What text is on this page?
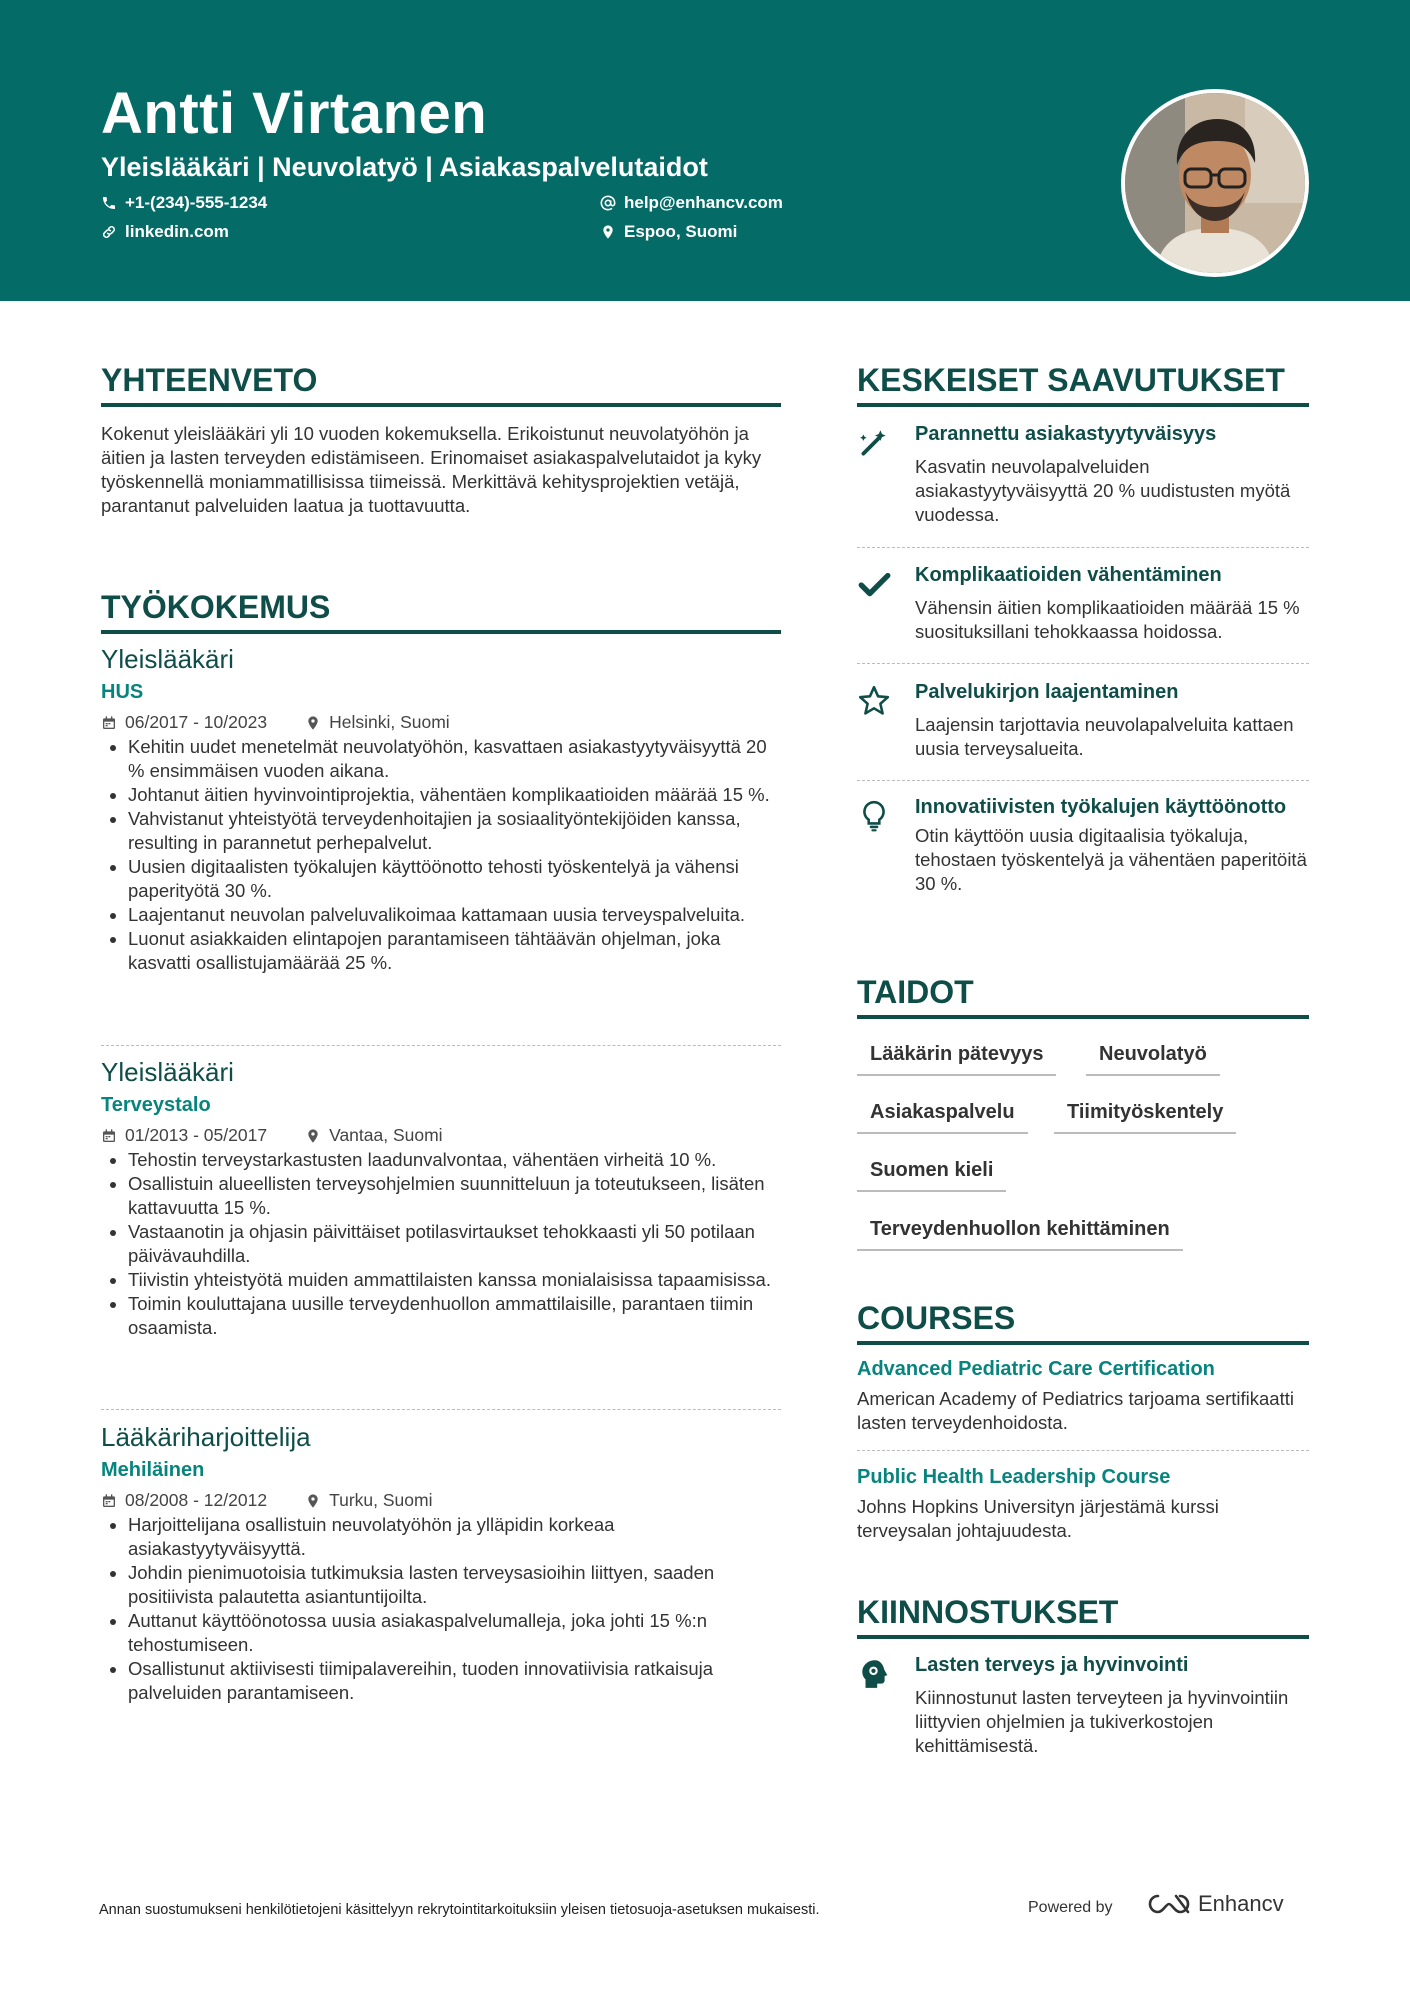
Antti Virtanen
Yleislääkäri | Neuvolatyö | Asiakaspalvelutaidot
+1-(234)-555-1234	help@enhancv.com
linkedin.com	Espoo, Suomi
YHTEENVETO
Kokenut yleislääkäri yli 10 vuoden kokemuksella. Erikoistunut neuvolatyöhön ja äitien ja lasten terveyden edistämiseen. Erinomaiset asiakaspalvelutaidot ja kyky työskennellä moniammatillisissa tiimeissä. Merkittävä kehitysprojektien vetäjä, parantanut palveluiden laatua ja tuottavuutta.
TYÖKOKEMUS
Yleislääkäri
HUS
06/2017 - 10/2023	Helsinki, Suomi
• Kehitin uudet menetelmät neuvolatyöhön, kasvattaen asiakastyytyväisyyttä 20 % ensimmäisen vuoden aikana.
• Johtanut äitien hyvinvointiprojektia, vähentäen komplikaatioiden määrää 15 %.
• Vahvistanut yhteistyötä terveydenhoitajien ja sosiaalityöntekijöiden kanssa, resulting in parannetut perhepalvelut.
• Uusien digitaalisten työkalujen käyttöönotto tehosti työskentelyä ja vähensi paperityötä 30 %.
• Laajentanut neuvolan palveluvalikoimaa kattamaan uusia terveyspalveluita.
• Luonut asiakkaiden elintapojen parantamiseen tähtäävän ohjelman, joka kasvatti osallistujamäärää 25 %.
Yleislääkäri
Terveystalo
01/2013 - 05/2017	Vantaa, Suomi
• Tehostin terveystarkastusten laadunvalvontaa, vähentäen virheitä 10 %.
• Osallistuin alueellisten terveysohjelmien suunnitteluun ja toteutukseen, lisäten kattavuutta 15 %.
• Vastaanotin ja ohjasin päivittäiset potilasvirtaukset tehokkaasti yli 50 potilaan päivävauhdilla.
• Tiivistin yhteistyötä muiden ammattilaisten kanssa monialaisissa tapaamisissa.
• Toimin kouluttajana uusille terveydenhuollon ammattilaisille, parantaen tiimin osaamista.
Lääkäriharjoittelija
Mehiläinen
08/2008 - 12/2012	Turku, Suomi
• Harjoittelijana osallistuin neuvolatyöhön ja ylläpidin korkeaa asiakastyytyväisyyttä.
• Johdin pienimuotoisia tutkimuksia lasten terveysasioihin liittyen, saaden positiivista palautetta asiantuntijoilta.
• Auttanut käyttöönotossa uusia asiakaspalvelumalleja, joka johti 15 %:n tehostumiseen.
• Osallistunut aktiivisesti tiimipalavereihin, tuoden innovatiivisia ratkaisuja palveluiden parantamiseen.
KESKEISET SAAVUTUKSET
Parannettu asiakastyytyväisyys
Kasvatin neuvolapalveluiden asiakastyytyväisyyttä 20 % uudistusten myötä vuodessa.
Komplikaatioiden vähentäminen
Vähensin äitien komplikaatioiden määrää 15 % suosituksillani tehokkaassa hoidossa.
Palvelukirjon laajentaminen
Laajensin tarjottavia neuvolapalveluita kattaen uusia terveysalueita.
Innovatiivisten työkalujen käyttöönotto
Otin käyttöön uusia digitaalisia työkaluja, tehostaen työskentelyä ja vähentäen paperitöitä 30 %.
TAIDOT
Lääkärin pätevyys	Neuvolatyö
Asiakaspalvelu	Tiimityöskentely
Suomen kieli
Terveydenhuollon kehittäminen
COURSES
Advanced Pediatric Care Certification
American Academy of Pediatrics tarjoama sertifikaatti lasten terveydenhoidosta.
Public Health Leadership Course
Johns Hopkins Universityn järjestämä kurssi terveysalan johtajuudesta.
KIINNOSTUKSET
Lasten terveys ja hyvinvointi
Kiinnostunut lasten terveyteen ja hyvinvointiin liittyvien ohjelmien ja tukiverkostojen kehittämisestä.
Annan suostumukseni henkilötietojeni käsittelyyn rekrytointitarkoituksiin yleisen tietosuoja-asetuksen mukaisesti.	Powered by	Enhancv
